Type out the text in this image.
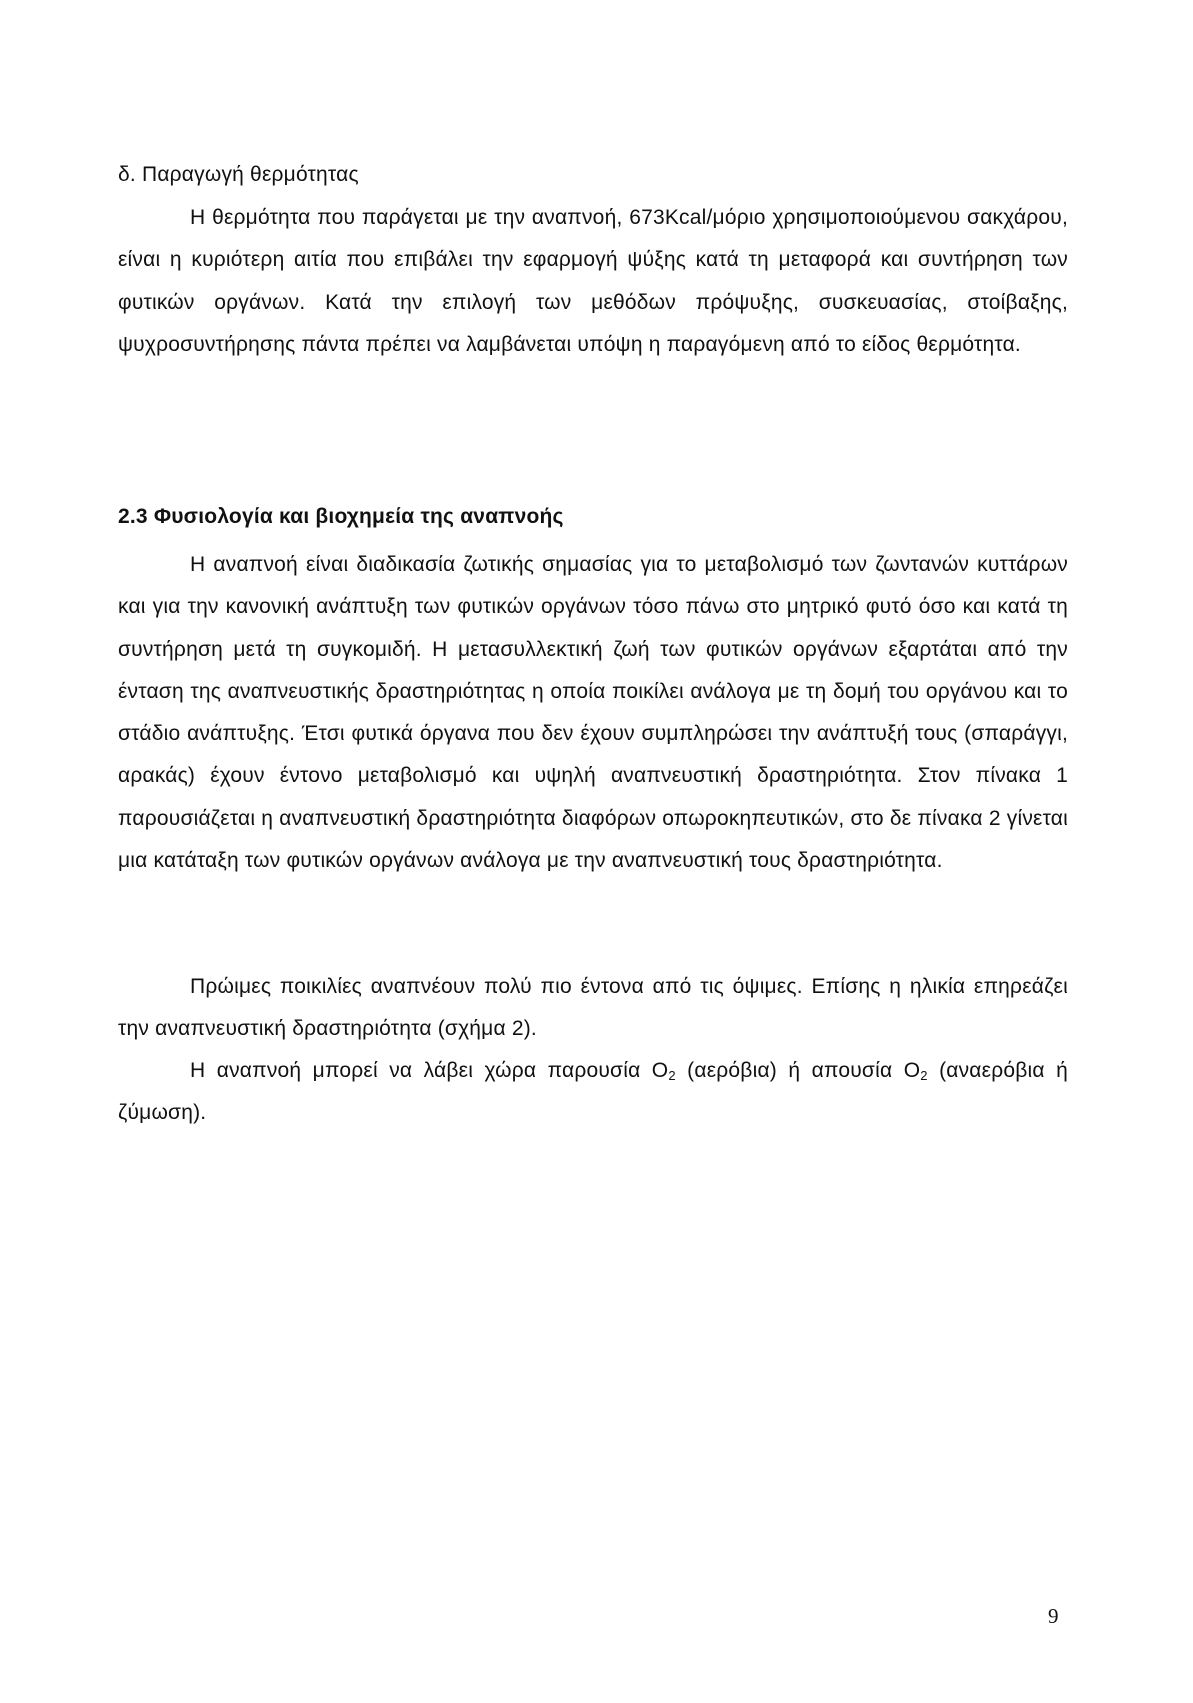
δ. Παραγωγή θερμότητας

Η θερμότητα που παράγεται με την αναπνοή, 673Kcal/μόριο χρησιμοποιούμενου σακχάρου, είναι η κυριότερη αιτία που επιβάλει την εφαρμογή ψύξης κατά τη μεταφορά και συντήρηση των φυτικών οργάνων. Κατά την επιλογή των μεθόδων πρόψυξης, συσκευασίας, στοίβαξης, ψυχροσυντήρησης πάντα πρέπει να λαμβάνεται υπόψη η παραγόμενη από το είδος θερμότητα.

2.3 Φυσιολογία και βιοχημεία της αναπνοής

Η αναπνοή είναι διαδικασία ζωτικής σημασίας για το μεταβολισμό των ζωντανών κυττάρων και για την κανονική ανάπτυξη των φυτικών οργάνων τόσο πάνω στο μητρικό φυτό όσο και κατά τη συντήρηση μετά τη συγκομιδή. Η μετασυλλεκτική ζωή των φυτικών οργάνων εξαρτάται από την ένταση της αναπνευστικής δραστηριότητας η οποία ποικίλει ανάλογα με τη δομή του οργάνου και το στάδιο ανάπτυξης. Έτσι φυτικά όργανα που δεν έχουν συμπληρώσει την ανάπτυξή τους (σπαράγγι, αρακάς) έχουν έντονο μεταβολισμό και υψηλή αναπνευστική δραστηριότητα. Στον πίνακα 1 παρουσιάζεται η αναπνευστική δραστηριότητα διαφόρων οπωροκηπευτικών, στο δε πίνακα 2 γίνεται μια κατάταξη των φυτικών οργάνων ανάλογα με την αναπνευστική τους δραστηριότητα.

Πρώιμες ποικιλίες αναπνέουν πολύ πιο έντονα από τις όψιμες. Επίσης η ηλικία επηρεάζει την αναπνευστική δραστηριότητα (σχήμα 2).

Η αναπνοή μπορεί να λάβει χώρα παρουσία $O_2$ (αερόβια) ή απουσία $O_2$ (αναερόβια ή ζύμωση).

9
